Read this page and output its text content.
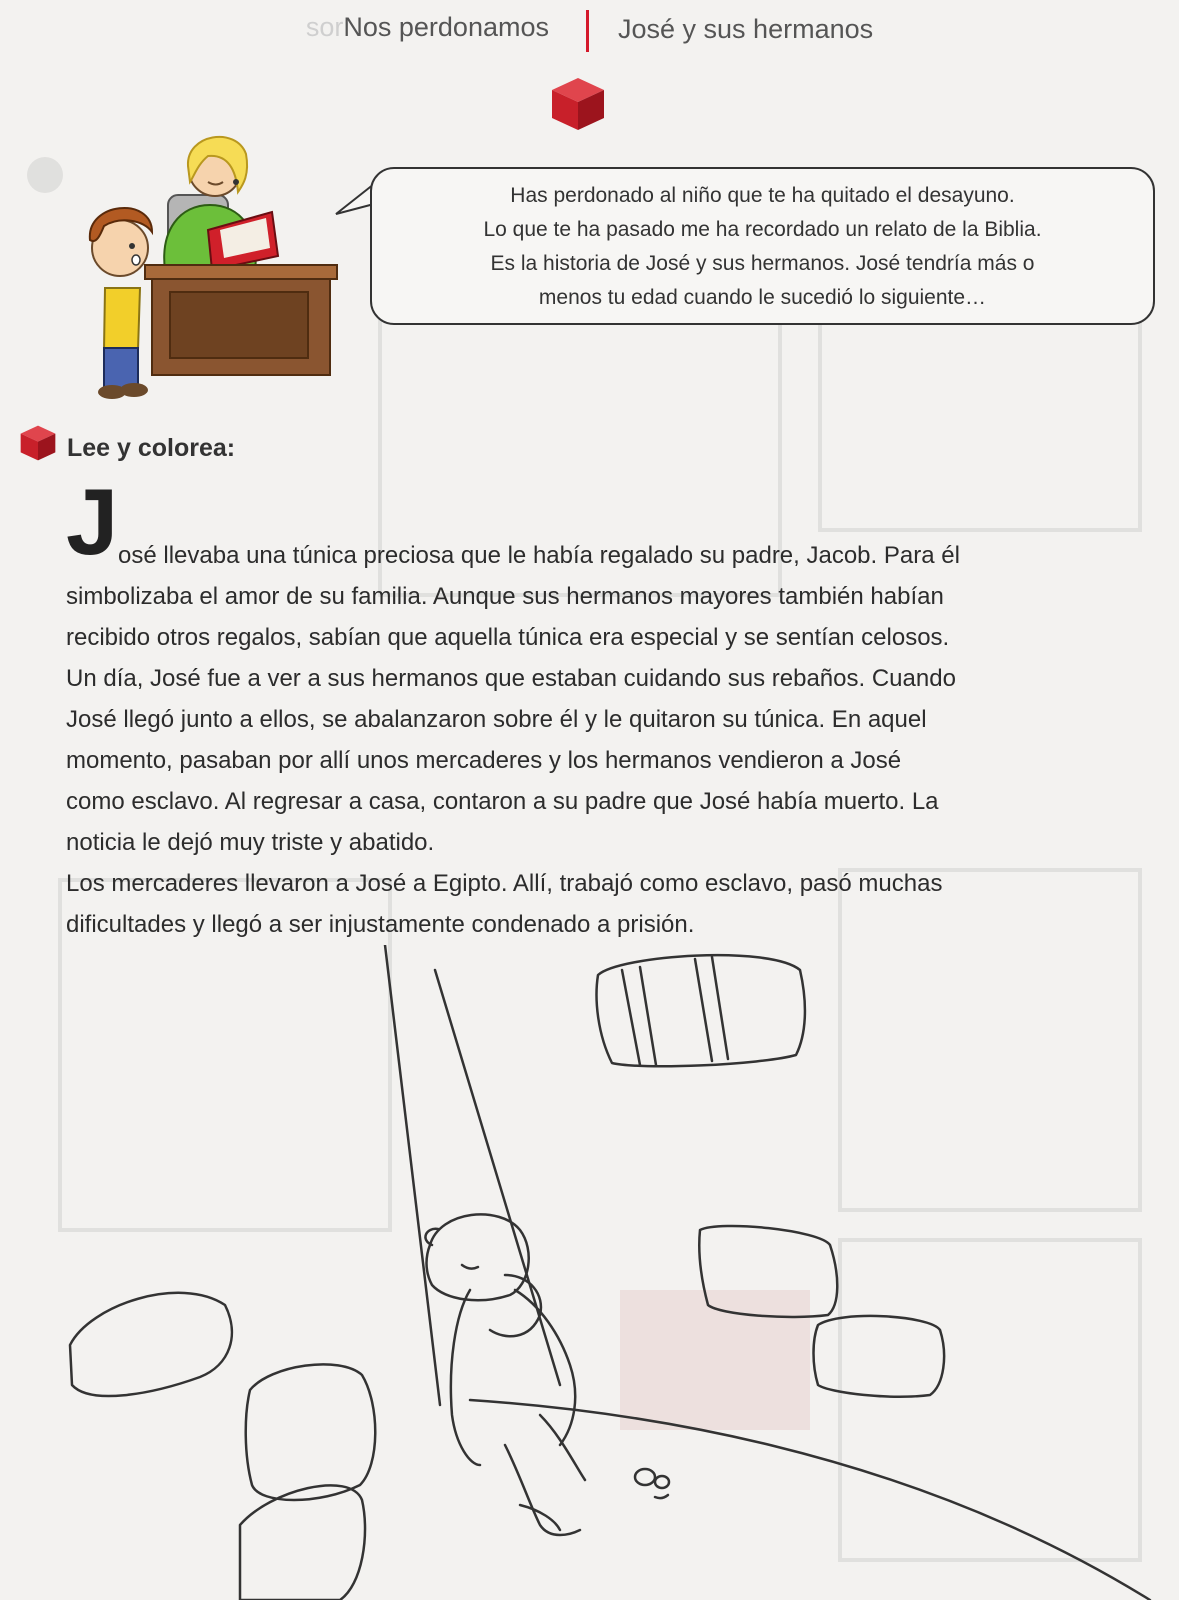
sorNos perdonamos	José y sus hermanos
Has perdonado al niño que te ha quitado el desayuno.
Lo que te ha pasado me ha recordado un relato de la Biblia.
Es la historia de José y sus hermanos. José tendría más o
menos tu edad cuando le sucedió lo siguiente…
Lee y colorea:
J osé llevaba una túnica preciosa que le había regalado su padre, Jacob. Para él
simbolizaba el amor de su familia. Aunque sus hermanos mayores también habían
recibido otros regalos, sabían que aquella túnica era especial y se sentían celosos.
Un día, José fue a ver a sus hermanos que estaban cuidando sus rebaños. Cuando
José llegó junto a ellos, se abalanzaron sobre él y le quitaron su túnica. En aquel
momento, pasaban por allí unos mercaderes y los hermanos vendieron a José
como esclavo. Al regresar a casa, contaron a su padre que José había muerto. La
noticia le dejó muy triste y abatido.
Los mercaderes llevaron a José a Egipto. Allí, trabajó como esclavo, pasó muchas
dificultades y llegó a ser injustamente condenado a prisión.
